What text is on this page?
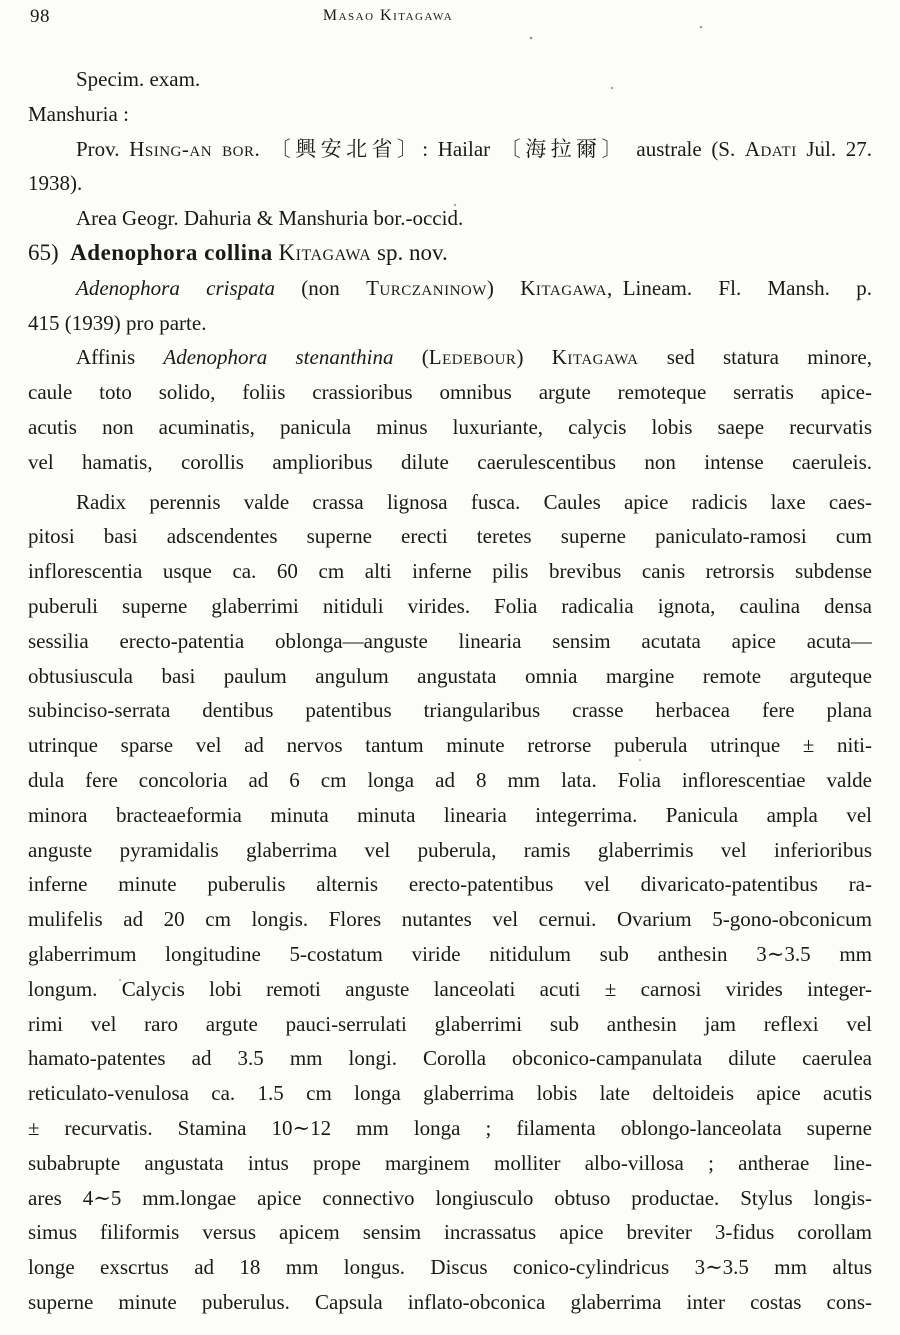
98	Masao Kitagawa
Specim. exam.
Manshuria :
Prov. Hsing-an bor. 〔興安北省〕: Hailar 〔海拉爾〕 australe (S. Adati Jul. 27.
1938).
Area Geogr. Dahuria & Manshuria bor.-occid.
65) Adenophora collina Kitagawa sp. nov.
Adenophora crispata (non Turczaninow) Kitagawa, Lineam. Fl. Mansh. p.
415 (1939) pro parte.
Affinis Adenophora stenanthina (Ledebour) Kitagawa sed statura minore,
caule toto solido, foliis crassioribus omnibus argute remoteque serratis apice-
acutis non acuminatis, panicula minus luxuriante, calycis lobis saepe recurvatis
vel hamatis, corollis amplioribus dilute caerulescentibus non intense caeruleis.
Radix perennis valde crassa lignosa fusca. Caules apice radicis laxe caes-
pitosi basi adscendentes superne erecti teretes superne paniculato-ramosi cum
inflorescentia usque ca. 60 cm alti inferne pilis brevibus canis retrorsis subdense
puberuli superne glaberrimi nitiduli virides. Folia radicalia ignota, caulina densa
sessilia erecto-patentia oblonga—anguste linearia sensim acutata apice acuta—
obtusiuscula basi paulum angulum angustata omnia margine remote arguteque
subinciso-serrata dentibus patentibus triangularibus crasse herbacea fere plana
utrinque sparse vel ad nervos tantum minute retrorse puberula utrinque ± niti-
dula fere concoloria ad 6 cm longa ad 8 mm lata. Folia inflorescentiae valde
minora bracteaeformia minuta minuta linearia integerrima. Panicula ampla vel
anguste pyramidalis glaberrima vel puberula, ramis glaberrimis vel inferioribus
inferne minute puberulis alternis erecto-patentibus vel divaricato-patentibus ra-
mulifelis ad 20 cm longis. Flores nutantes vel cernui. Ovarium 5-gono-obconicum
glaberrimum longitudine 5-costatum viride nitidulum sub anthesin 3∼3.5 mm
longum. Calycis lobi remoti anguste lanceolati acuti ± carnosi virides integer-
rimi vel raro argute pauci-serrulati glaberrimi sub anthesin jam reflexi vel
hamato-patentes ad 3.5 mm longi. Corolla obconico-campanulata dilute caerulea
reticulato-venulosa ca. 1.5 cm longa glaberrima lobis late deltoideis apice acutis
± recurvatis. Stamina 10∼12 mm longa ; filamenta oblongo-lanceolata superne
subabrupte angustata intus prope marginem molliter albo-villosa ; antherae line-
ares 4∼5 mm.longae apice connectivo longiusculo obtuso productae. Stylus longis-
simus filiformis versus apicem sensim incrassatus apice breviter 3-fidus corollam
longe exscrtus ad 18 mm longus. Discus conico-cylindricus 3∼3.5 mm altus
superne minute puberulus. Capsula inflato-obconica glaberrima inter costas cons-
